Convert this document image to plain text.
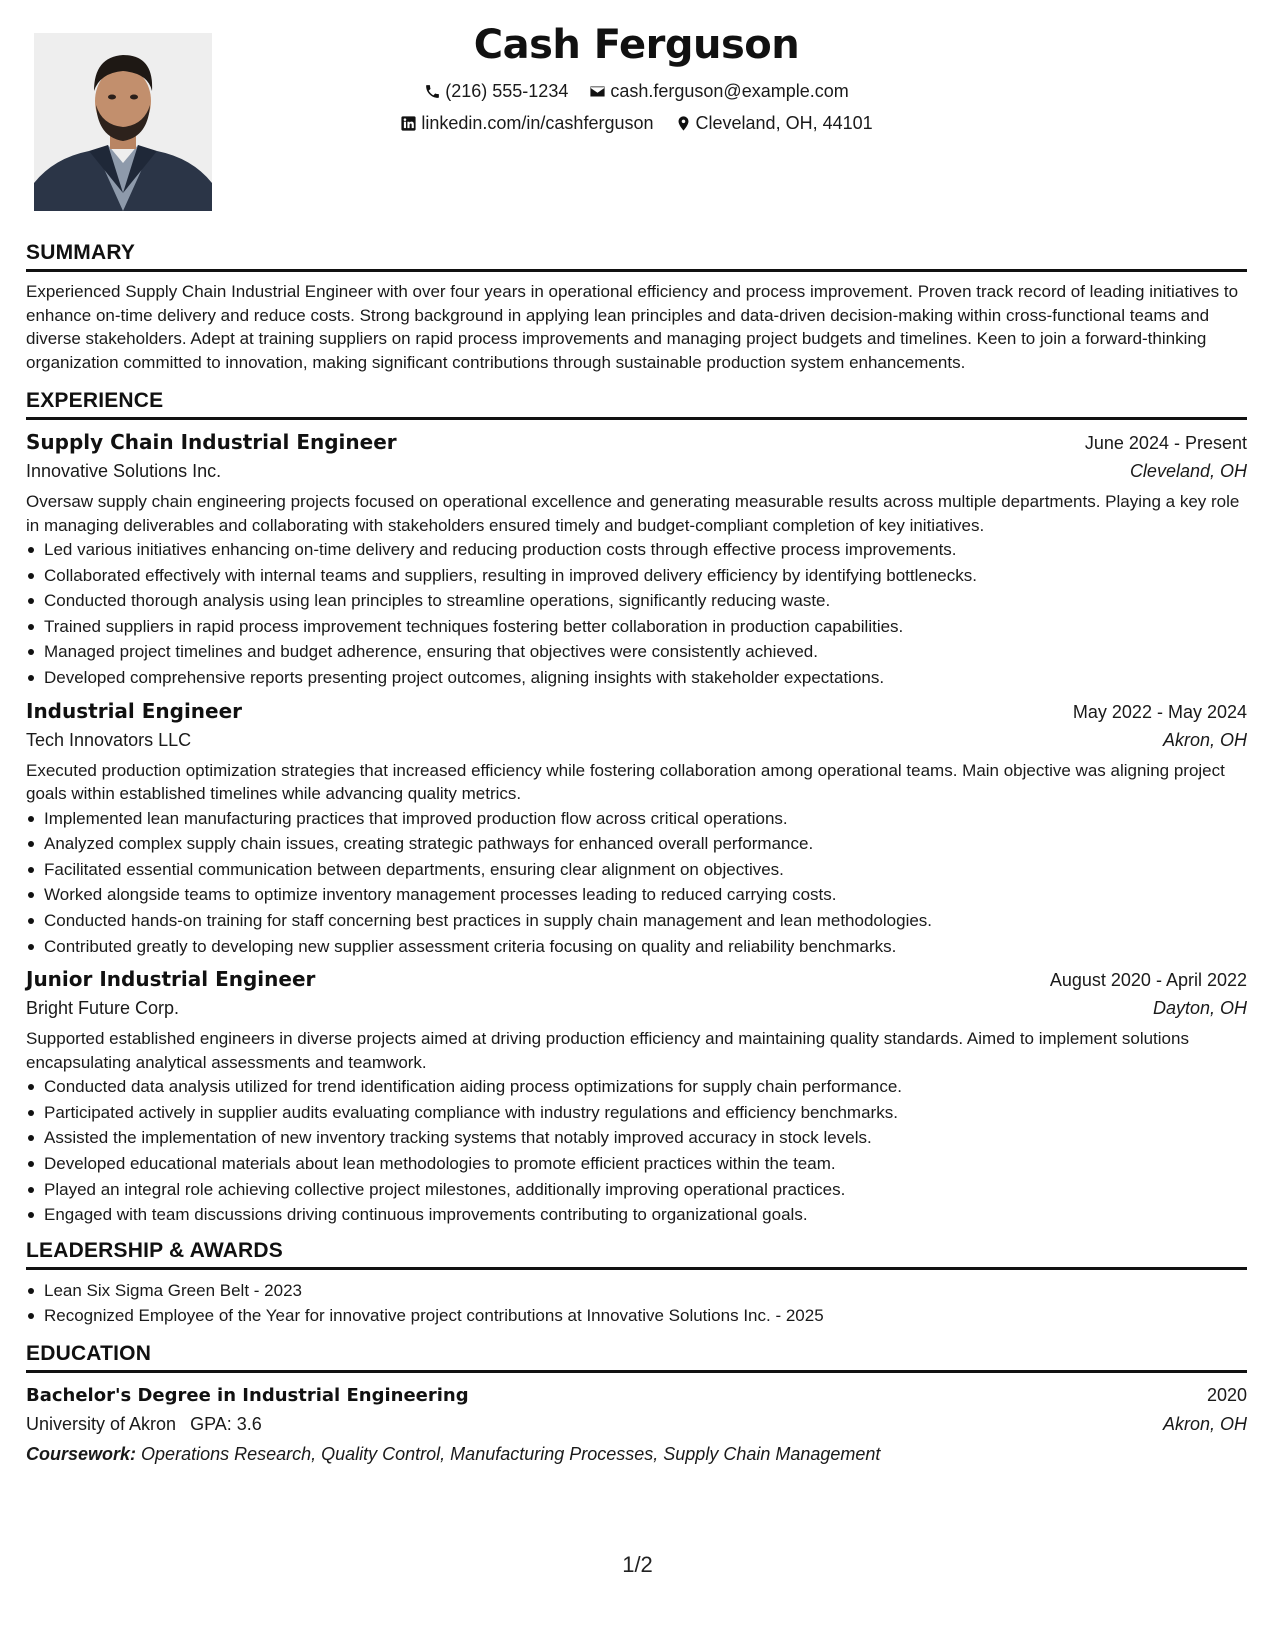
Cash Ferguson
(216) 555-1234
cash.ferguson@example.com
linkedin.com/in/cashferguson
Cleveland, OH, 44101
SUMMARY

Experienced Supply Chain Industrial Engineer with over four years in operational efficiency and process improvement. Proven track record of leading initiatives to enhance on-time delivery and reduce costs. Strong background in applying lean principles and data-driven decision-making within cross-functional teams and diverse stakeholders. Adept at training suppliers on rapid process improvements and managing project budgets and timelines. Keen to join a forward-thinking organization committed to innovation, making significant contributions through sustainable production system enhancements.

EXPERIENCE
Supply Chain Industrial Engineer	June 2024 - Present
Innovative Solutions Inc.	Cleveland, OH

Oversaw supply chain engineering projects focused on operational excellence and generating measurable results across multiple departments. Playing a key role in managing deliverables and collaborating with stakeholders ensured timely and budget-compliant completion of key initiatives.

Led various initiatives enhancing on-time delivery and reducing production costs through effective process improvements.
Collaborated effectively with internal teams and suppliers, resulting in improved delivery efficiency by identifying bottlenecks.
Conducted thorough analysis using lean principles to streamline operations, significantly reducing waste.
Trained suppliers in rapid process improvement techniques fostering better collaboration in production capabilities.
Managed project timelines and budget adherence, ensuring that objectives were consistently achieved.
Developed comprehensive reports presenting project outcomes, aligning insights with stakeholder expectations.
Industrial Engineer	May 2022 - May 2024
Tech Innovators LLC	Akron, OH

Executed production optimization strategies that increased efficiency while fostering collaboration among operational teams. Main objective was aligning project goals within established timelines while advancing quality metrics.

Implemented lean manufacturing practices that improved production flow across critical operations.
Analyzed complex supply chain issues, creating strategic pathways for enhanced overall performance.
Facilitated essential communication between departments, ensuring clear alignment on objectives.
Worked alongside teams to optimize inventory management processes leading to reduced carrying costs.
Conducted hands-on training for staff concerning best practices in supply chain management and lean methodologies.
Contributed greatly to developing new supplier assessment criteria focusing on quality and reliability benchmarks.
Junior Industrial Engineer	August 2020 - April 2022
Bright Future Corp.	Dayton, OH

Supported established engineers in diverse projects aimed at driving production efficiency and maintaining quality standards. Aimed to implement solutions encapsulating analytical assessments and teamwork.

Conducted data analysis utilized for trend identification aiding process optimizations for supply chain performance.
Participated actively in supplier audits evaluating compliance with industry regulations and efficiency benchmarks.
Assisted the implementation of new inventory tracking systems that notably improved accuracy in stock levels.
Developed educational materials about lean methodologies to promote efficient practices within the team.
Played an integral role achieving collective project milestones, additionally improving operational practices.
Engaged with team discussions driving continuous improvements contributing to organizational goals.
LEADERSHIP & AWARDS
Lean Six Sigma Green Belt - 2023
Recognized Employee of the Year for innovative project contributions at Innovative Solutions Inc. - 2025
EDUCATION
Bachelor's Degree in Industrial Engineering	2020
University of Akron GPA: 3.6	Akron, OH
Coursework: Operations Research, Quality Control, Manufacturing Processes, Supply Chain Management
1/2
